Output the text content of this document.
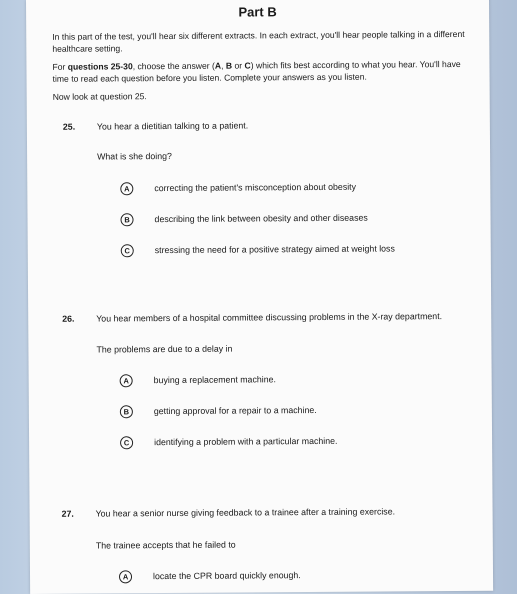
Part B

In this part of the test, you'll hear six different extracts. In each extract, you'll hear people talking in a different healthcare setting.

For questions 25-30, choose the answer (A, B or C) which fits best according to what you hear. You'll have time to read each question before you listen. Complete your answers as you listen.

Now look at question 25.

25. You hear a dietitian talking to a patient.
What is she doing?
A	correcting the patient's misconception about obesity
B	describing the link between obesity and other diseases
C	stressing the need for a positive strategy aimed at weight loss
26. You hear members of a hospital committee discussing problems in the X-ray department.
The problems are due to a delay in
A	buying a replacement machine.
B	getting approval for a repair to a machine.
C	identifying a problem with a particular machine.
27. You hear a senior nurse giving feedback to a trainee after a training exercise.
The trainee accepts that he failed to
A	locate the CPR board quickly enough.
